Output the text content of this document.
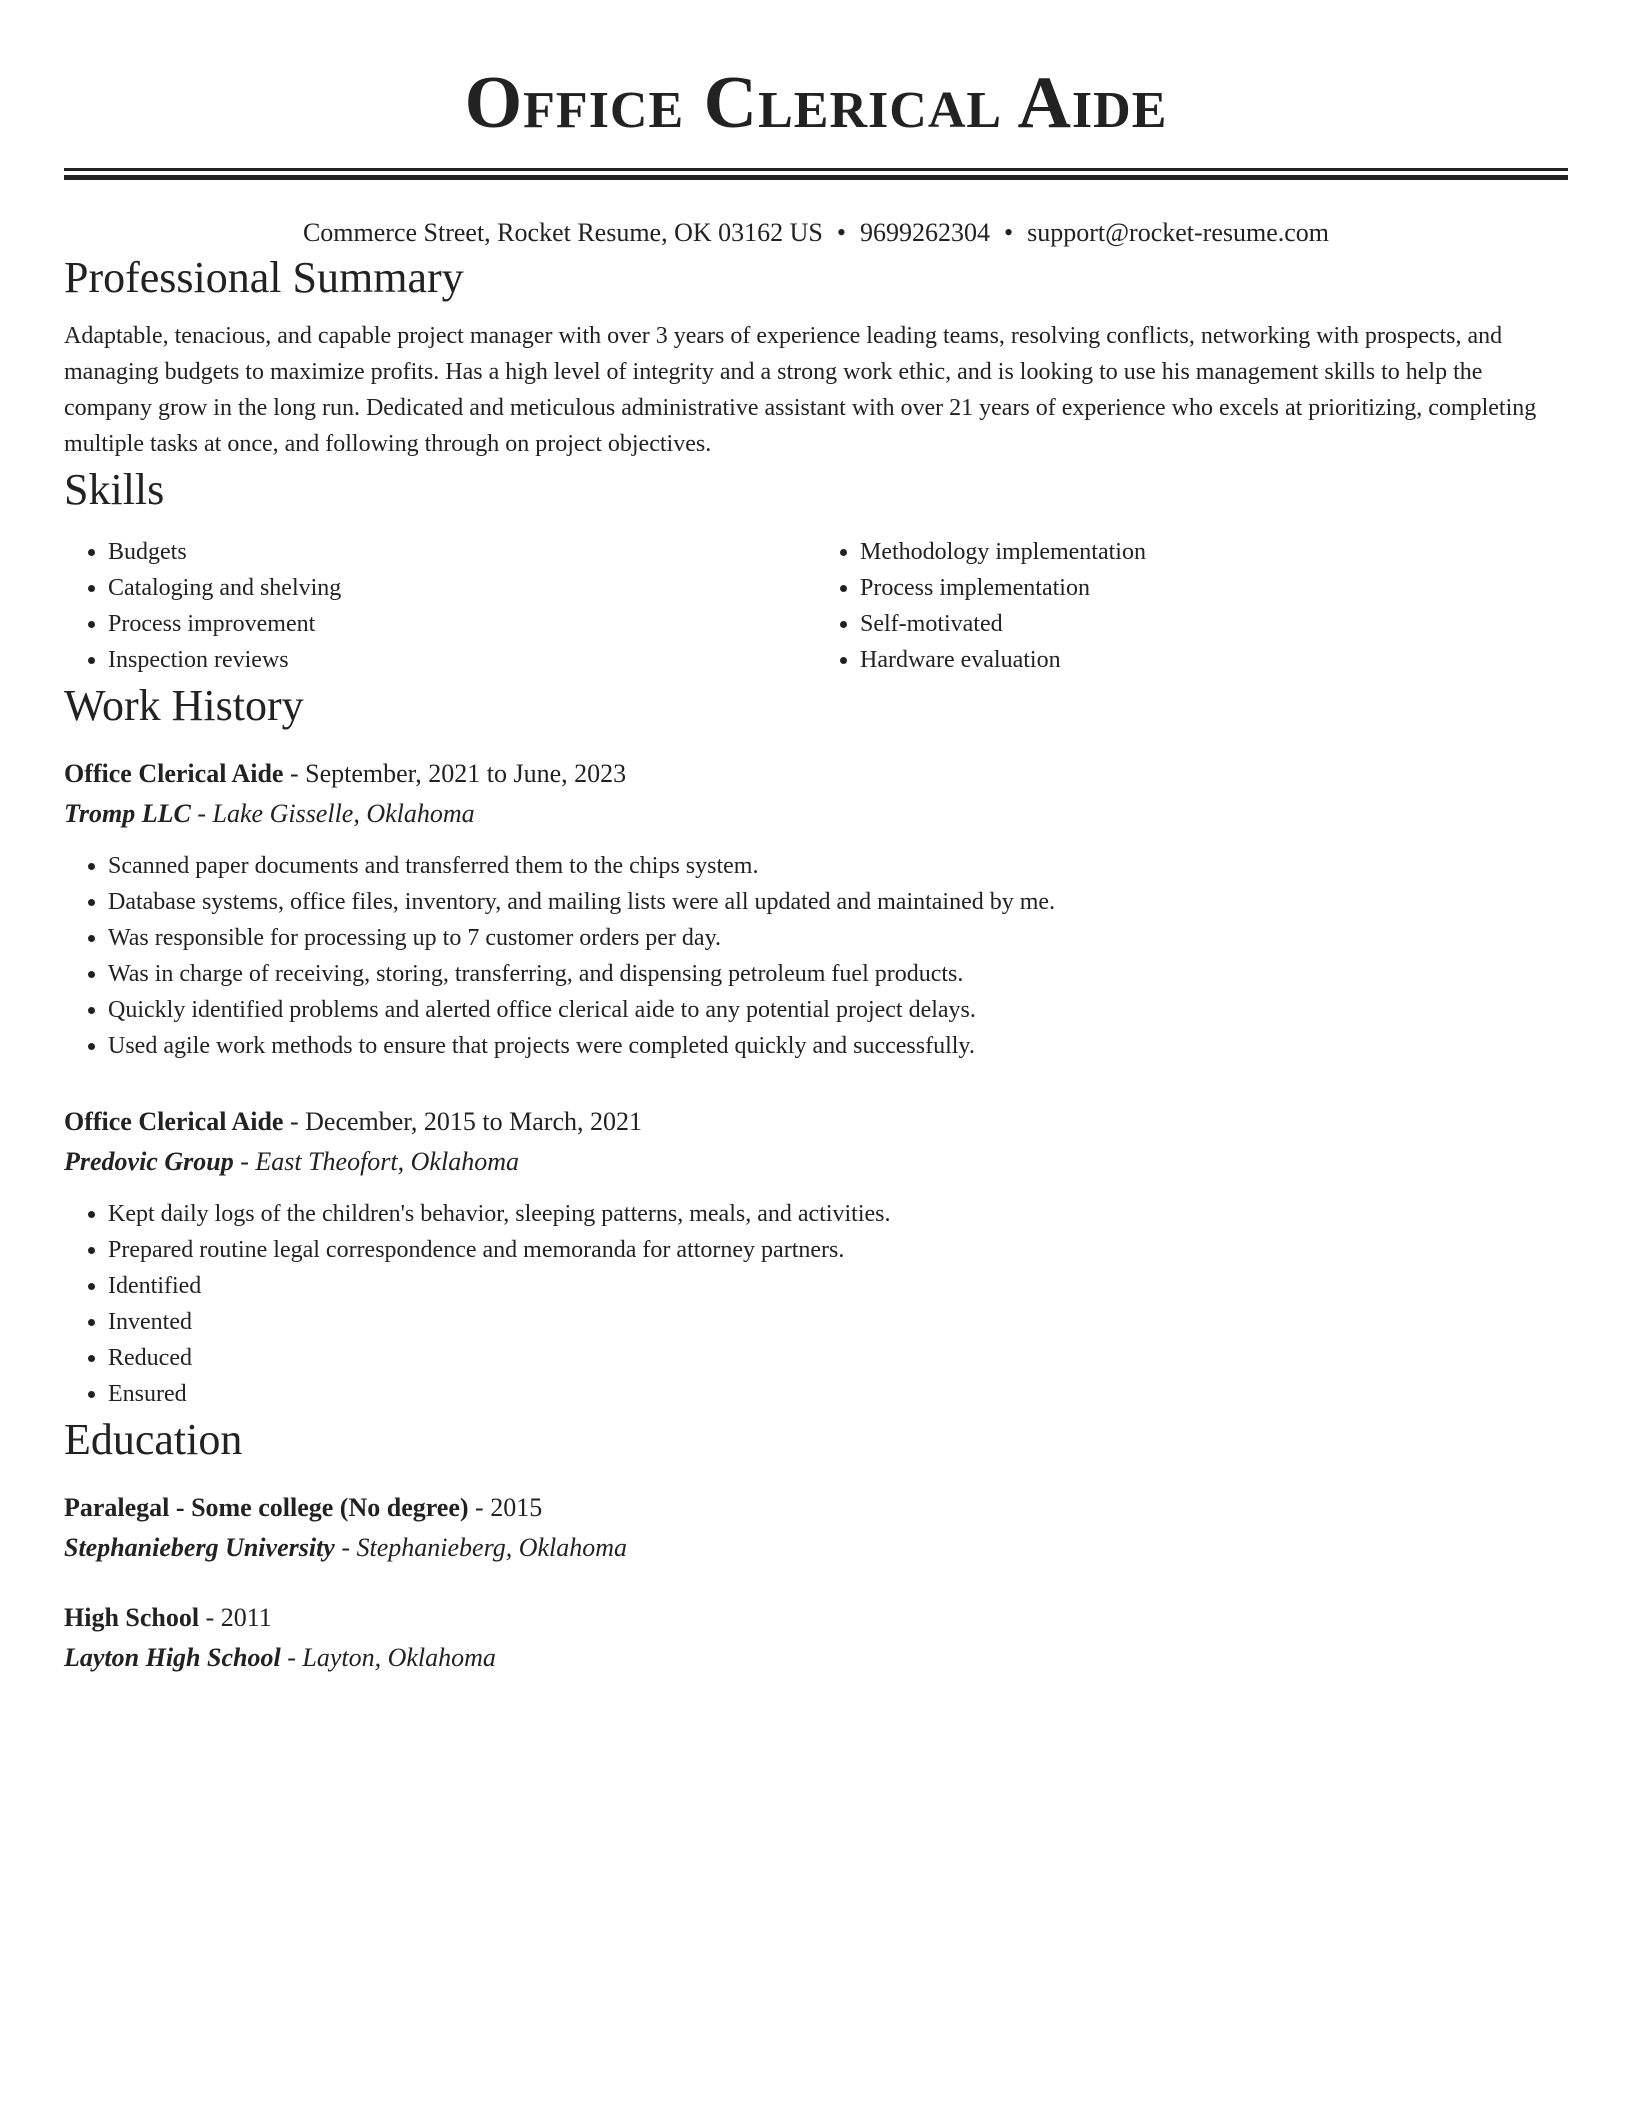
Office Clerical Aide
Commerce Street, Rocket Resume, OK 03162 US • 9699262304 • support@rocket-resume.com
Professional Summary

Adaptable, tenacious, and capable project manager with over 3 years of experience leading teams, resolving conflicts, networking with prospects, and managing budgets to maximize profits. Has a high level of integrity and a strong work ethic, and is looking to use his management skills to help the company grow in the long run. Dedicated and meticulous administrative assistant with over 21 years of experience who excels at prioritizing, completing multiple tasks at once, and following through on project objectives.

Skills
• Budgets
• Cataloging and shelving
• Process improvement
• Inspection reviews
• Methodology implementation
• Process implementation
• Self-motivated
• Hardware evaluation
Work History
Office Clerical Aide - September, 2021 to June, 2023
Tromp LLC - Lake Gisselle, Oklahoma
• Scanned paper documents and transferred them to the chips system.
• Database systems, office files, inventory, and mailing lists were all updated and maintained by me.
• Was responsible for processing up to 7 customer orders per day.
• Was in charge of receiving, storing, transferring, and dispensing petroleum fuel products.
• Quickly identified problems and alerted office clerical aide to any potential project delays.
• Used agile work methods to ensure that projects were completed quickly and successfully.
Office Clerical Aide - December, 2015 to March, 2021
Predovic Group - East Theofort, Oklahoma
• Kept daily logs of the children's behavior, sleeping patterns, meals, and activities.
• Prepared routine legal correspondence and memoranda for attorney partners.
• Identified
• Invented
• Reduced
• Ensured
Education
Paralegal - Some college (No degree) - 2015
Stephanieberg University - Stephanieberg, Oklahoma
High School - 2011
Layton High School - Layton, Oklahoma
